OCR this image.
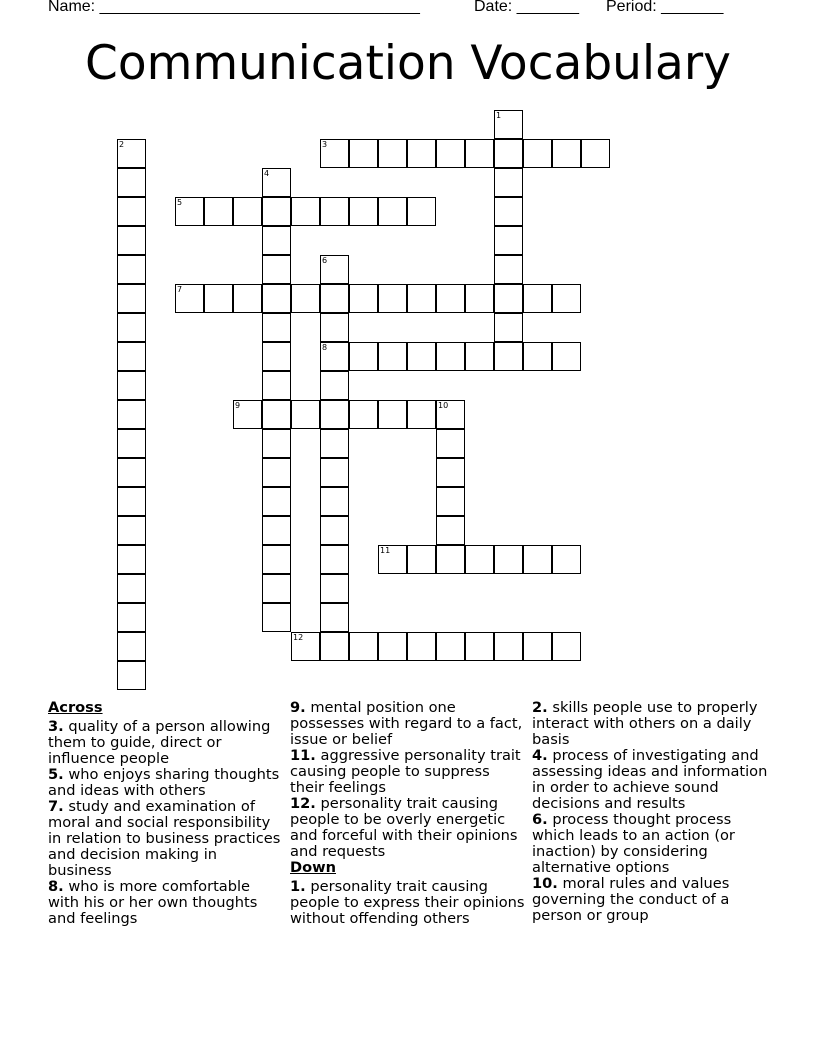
Name: ____________________________________	Date: _______ Period: _______
Communication Vocabulary
1
2	3
4
5
6
8
7
9	10
11
12
Across
3. quality of a person allowing them to guide, direct or influence people
5. who enjoys sharing thoughts and ideas with others
7. study and examination of moral and social responsibility in relation to business practices and decision making in business
8. who is more comfortable with his or her own thoughts and feelings
9. mental position one possesses with regard to a fact, issue or belief
11. aggressive personality trait causing people to suppress their feelings
12. personality trait causing people to be overly energetic and forceful with their opinions and requests
Down
1. personality trait causing people to express their opinions without offending others
2. skills people use to properly interact with others on a daily basis
4. process of investigating and assessing ideas and information in order to achieve sound decisions and results
6. process thought process which leads to an action (or inaction) by considering alternative options
10. moral rules and values governing the conduct of a person or group
